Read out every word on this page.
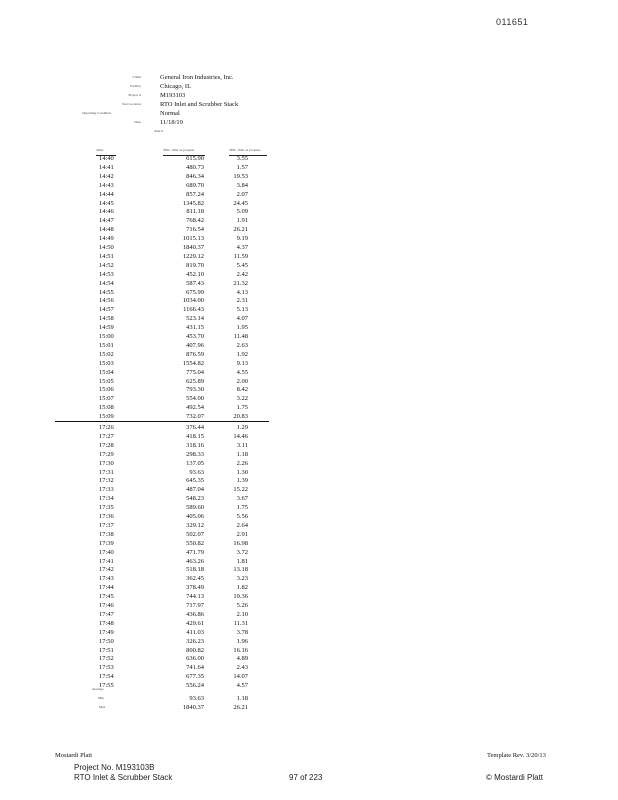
011651
Client	General Iron Industries, Inc.
Facility	Chicago, IL
Project #	M193103
Test Location	RTO Inlet and Scrubber Stack
Operating Condition	Normal
Date	11/18/19
Run #
Time	THC, lb/hr as propane	THC, lb/hr as propane
14:40	615.90	3.55
14:41	480.73	1.57
14:42	846.34	19.53
14:43	689.70	3.84
14:44	857.24	2.07
14:45	1345.82	24.45
14:46	811.18	5.09
14:47	768.42	1.91
14:48	716.54	26.21
14:49	1015.13	9.19
14:50	1840.37	4.37
14:51	1229.12	11.59
14:52	819.70	5.45
14:53	452.10	2.42
14:54	587.43	21.32
14:55	675.99	4.13
14:56	1034.00	2.31
14:57	1166.43	5.13
14:58	523.14	4.07
14:59	431.15	1.95
15:00	453.70	11.48
15:01	407.96	2.63
15:02	876.59	1.92
15:03	1554.82	9.13
15:04	775.04	4.55
15:05	625.89	2.00
15:06	793.30	8.42
15:07	554.00	3.22
15:08	492.54	1.75
15:09	732.07	20.83
17:26	376.44	1.29
17:27	418.15	14.46
17:28	318.16	3.11
17:29	298.33	1.18
17:30	137.05	2.26
17:31	93.63	1.30
17:32	645.35	1.39
17:33	487.04	15.22
17:34	548.23	3.67
17:35	589.60	1.75
17:36	405.06	5.56
17:37	329.12	2.64
17:38	502.07	2.91
17:39	550.82	16.98
17:40	471.79	3.72
17:41	463.26	1.81
17:42	518.18	13.18
17:43	362.45	3.23
17:44	378.49	1.82
17:45	744.13	19.36
17:46	717.97	5.26
17:47	436.86	2.10
17:48	429.61	11.31
17:49	411.03	3.78
17:50	326.23	1.96
17:51	800.82	16.16
17:52	636.00	4.89
17:53	741.64	2.43
17:54	677.35	14.07
17:55	556.24	4.57
Average
Min	93.63	1.18
Max	1840.37	26.21
Mostardi Platt	Template Rev. 3/20/13
Project No. M193103B
RTO Inlet & Scrubber Stack	97 of 223	© Mostardi Platt
